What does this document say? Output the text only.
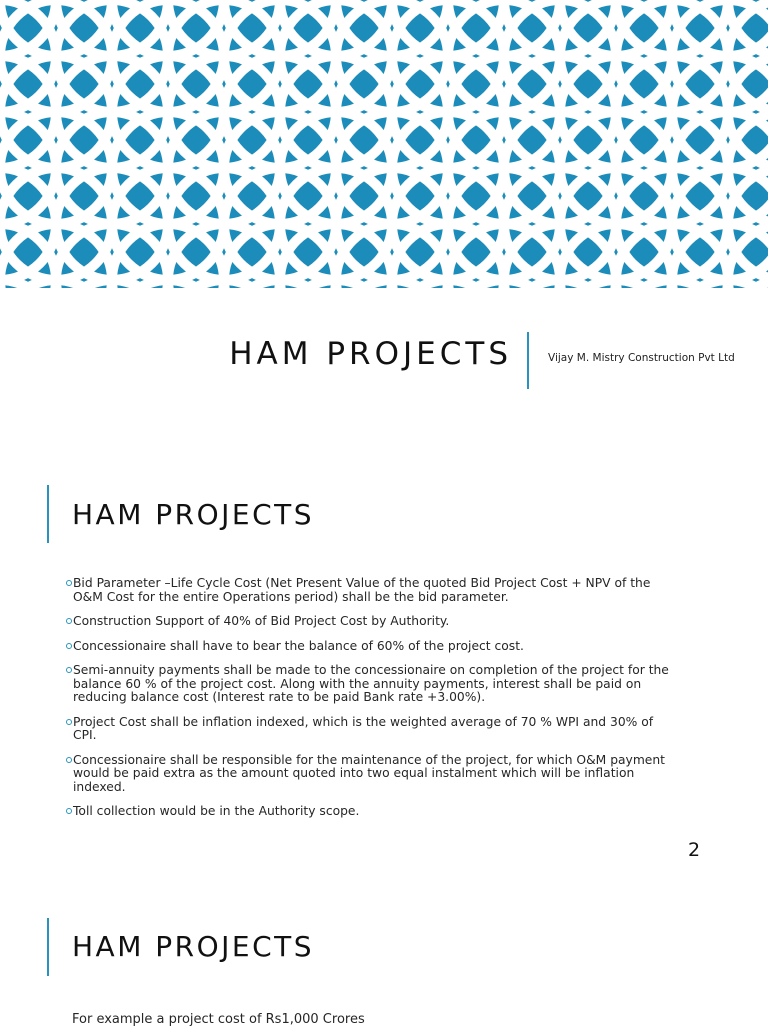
HAM PROJECTS	Vijay M. Mistry Construction Pvt Ltd
HAM PROJECTS
Bid Parameter –Life Cycle Cost (Net Present Value of the quoted Bid Project Cost + NPV of the O&M Cost for the entire Operations period) shall be the bid parameter.
Construction Support of 40% of Bid Project Cost by Authority.
Concessionaire shall have to bear the balance of 60% of the project cost.
Semi-annuity payments shall be made to the concessionaire on completion of the project for the balance 60 % of the project cost. Along with the annuity payments, interest shall be paid on reducing balance cost (Interest rate to be paid Bank rate +3.00%).
Project Cost shall be inflation indexed, which is the weighted average of 70 % WPI and 30% of CPI.
Concessionaire shall be responsible for the maintenance of the project, for which O&M payment would be paid extra as the amount quoted into two equal instalment which will be inflation indexed.
Toll collection would be in the Authority scope.
2
HAM PROJECTS
For example a project cost of Rs1,000 Crores
